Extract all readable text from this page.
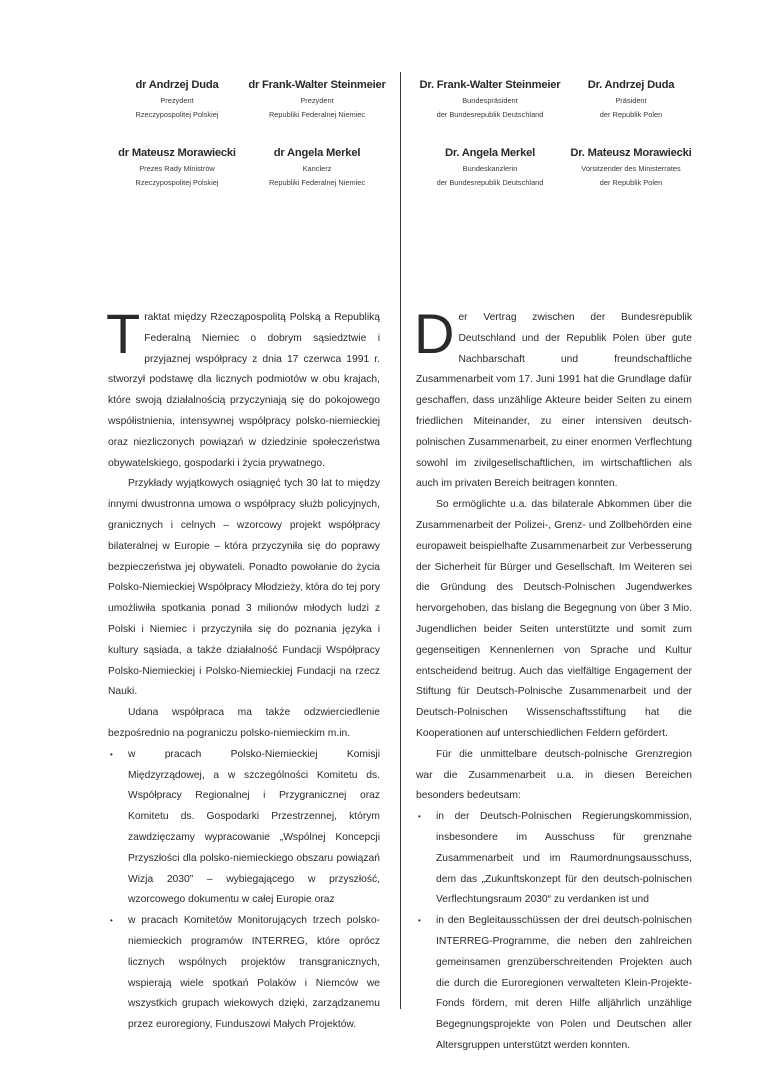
dr Andrzej Duda
Prezydent
Rzeczypospolitej Polskiej
dr Frank-Walter Steinmeier
Prezydent
Republiki Federalnej Niemiec
dr Mateusz Morawiecki
Prezes Rady Ministrów
Rzeczypospolitej Polskiej
dr Angela Merkel
Kanclerz
Republiki Federalnej Niemiec

Traktat między Rzecząpospolitą Polską a Republiką Federalną Niemiec o dobrym sąsiedztwie i przyjaznej współpracy z dnia 17 czerwca 1991 r. stworzył podstawę dla licznych podmiotów w obu krajach, które swoją działalnością przyczyniają się do pokojowego współistnienia, intensywnej współpracy polsko-niemieckiej oraz niezliczonych powiązań w dziedzinie społeczeństwa obywatelskiego, gospodarki i życia prywatnego.

Przykłady wyjątkowych osiągnięć tych 30 lat to między innymi dwustronna umowa o współpracy służb policyjnych, granicznych i celnych – wzorcowy projekt współpracy bilateralnej w Europie – która przyczyniła się do poprawy bezpieczeństwa jej obywateli. Ponadto powołanie do życia Polsko-Niemieckiej Współpracy Młodzieży, która do tej pory umożliwiła spotkania ponad 3 milionów młodych ludzi z Polski i Niemiec i przyczyniła się do poznania języka i kultury sąsiada, a także działalność Fundacji Współpracy Polsko-Niemieckiej i Polsko-Niemieckiej Fundacji na rzecz Nauki.

Udana współpraca ma także odzwierciedlenie bezpośrednio na pograniczu polsko-niemieckim m.in.

• w pracach Polsko-Niemieckiej Komisji Międzyrządowej, a w szczególności Komitetu ds. Współpracy Regionalnej i Przygranicznej oraz Komitetu ds. Gospodarki Przestrzennej, którym zawdzięczamy wypracowanie „Wspólnej Koncepcji Przyszłości dla polsko-niemieckiego obszaru powiązań Wizja 2030” – wybiegającego w przyszłość, wzorcowego dokumentu w całej Europie oraz
• w pracach Komitetów Monitorujących trzech polsko-niemieckich programów INTERREG, które oprócz licznych wspólnych projektów transgranicznych, wspierają wiele spotkań Polaków i Niemców we wszystkich grupach wiekowych dzięki, zarządzanemu przez euroregiony, Funduszowi Małych Projektów.
Dr. Frank-Walter Steinmeier
Bundespräsident
der Bundesrepublik Deutschland
Dr. Andrzej Duda
Präsident
der Republik Polen
Dr. Angela Merkel
Bundeskanzlerin
der Bundesrepublik Deutschland
Dr. Mateusz Morawiecki
Vorsitzender des Ministerrates
der Republik Polen

Der Vertrag zwischen der Bundesrepublik Deutschland und der Republik Polen über gute Nachbarschaft und freundschaftliche Zusammenarbeit vom 17. Juni 1991 hat die Grundlage dafür geschaffen, dass unzählige Akteure beider Seiten zu einem friedlichen Miteinander, zu einer intensiven deutsch-polnischen Zusammenarbeit, zu einer enormen Verflechtung sowohl im zivilgesellschaftlichen, im wirtschaftlichen als auch im privaten Bereich beitragen konnten.

So ermöglichte u.a. das bilaterale Abkommen über die Zusammenarbeit der Polizei-, Grenz- und Zollbehörden eine europaweit beispielhafte Zusammenarbeit zur Verbesserung der Sicherheit für Bürger und Gesellschaft. Im Weiteren sei die Gründung des Deutsch-Polnischen Jugendwerkes hervorgehoben, das bislang die Begegnung von über 3 Mio. Jugendlichen beider Seiten unterstützte und somit zum gegenseitigen Kennenlernen von Sprache und Kultur entscheidend beitrug. Auch das vielfältige Engagement der Stiftung für Deutsch-Polnische Zusammenarbeit und der Deutsch-Polnischen Wissenschaftsstiftung hat die Kooperationen auf unterschiedlichen Feldern gefördert.

Für die unmittelbare deutsch-polnische Grenzregion war die Zusammenarbeit u.a. in diesen Bereichen besonders bedeutsam:

• in der Deutsch-Polnischen Regierungskommission, insbesondere im Ausschuss für grenznahe Zusammenarbeit und im Raumordnungsausschuss, dem das „Zukunftskonzept für den deutsch-polnischen Verflechtungsraum 2030“ zu verdanken ist und
• in den Begleitausschüssen der drei deutsch-polnischen INTERREG-Programme, die neben den zahlreichen gemeinsamen grenzüberschreitenden Projekten auch die durch die Euroregionen verwalteten Klein-Projekte-Fonds fördern, mit deren Hilfe alljährlich unzählige Begegnungsprojekte von Polen und Deutschen aller Altersgruppen unterstützt werden konnten.
